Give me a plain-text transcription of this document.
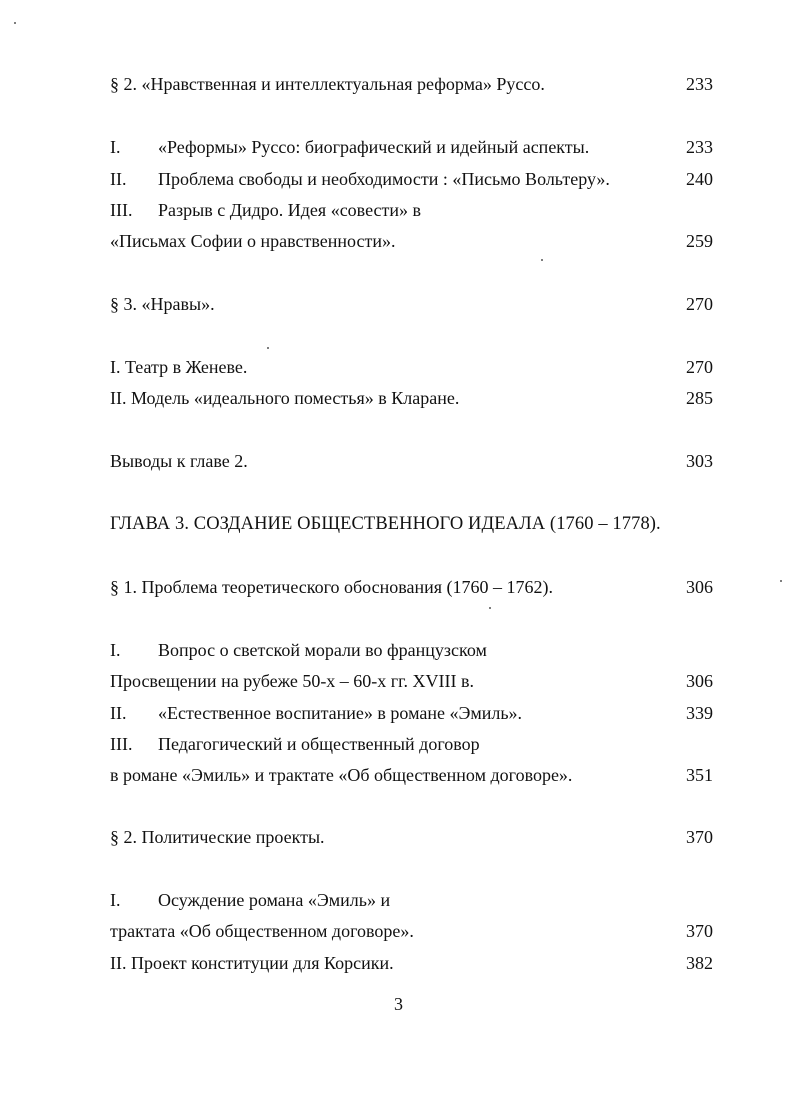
§ 2. «Нравственная и интеллектуальная реформа» Руссо.	233
I. «Реформы» Руссо: биографический и идейный аспекты.	233
II. Проблема свободы и необходимости : «Письмо Вольтеру».	240
III. Разрыв с Дидро. Идея «совести» в
«Письмах Софии о нравственности».	259
§ 3. «Нравы».	270
I. Театр в Женеве.	270
II. Модель «идеального поместья» в Кларане.	285
Выводы к главе 2.	303
ГЛАВА 3. СОЗДАНИЕ ОБЩЕСТВЕННОГО ИДЕАЛА (1760 – 1778).
§ 1. Проблема теоретического обоснования (1760 – 1762).	306
I. Вопрос о светской морали во французском
Просвещении на рубеже 50-х – 60-х гг. XVIII в.	306
II. «Естественное воспитание» в романе «Эмиль».	339
III. Педагогический и общественный договор
в романе «Эмиль» и трактате «Об общественном договоре».	351
§ 2. Политические проекты.	370
I. Осуждение романа «Эмиль» и
трактата «Об общественном договоре».	370
II. Проект конституции для Корсики.	382
3
